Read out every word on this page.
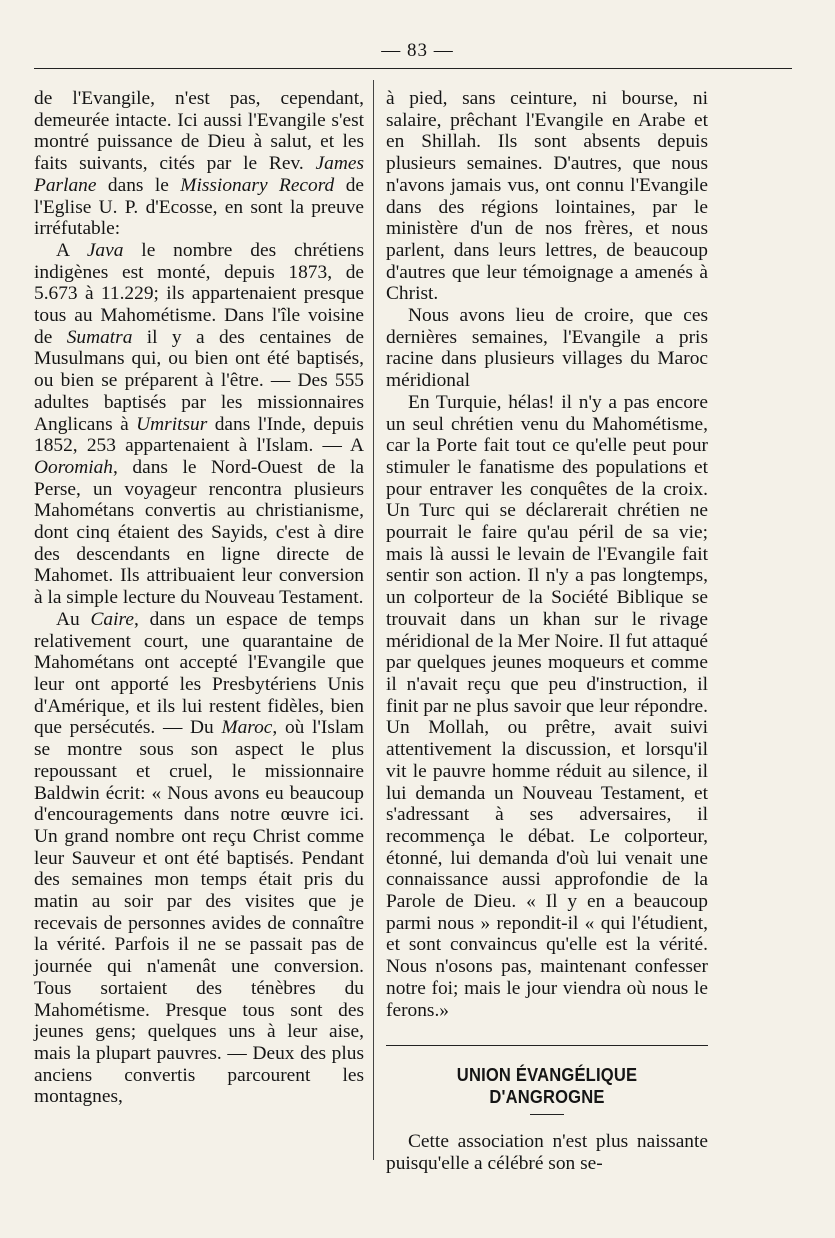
— 83 —

de l'Evangile, n'est pas, cependant, demeurée intacte. Ici aussi l'Evangile s'est montré puissance de Dieu à salut, et les faits suivants, cités par le Rev. James Parlane dans le Missionary Record de l'Eglise U. P. d'Ecosse, en sont la preuve irréfutable:

A Java le nombre des chrétiens indigènes est monté, depuis 1873, de 5.673 à 11.229; ils appartenaient presque tous au Mahométisme. Dans l'île voisine de Sumatra il y a des centaines de Musulmans qui, ou bien ont été baptisés, ou bien se préparent à l'être. — Des 555 adultes baptisés par les missionnaires Anglicans à Umritsur dans l'Inde, depuis 1852, 253 appartenaient à l'Islam. — A Ooromiah, dans le Nord-Ouest de la Perse, un voyageur rencontra plusieurs Mahométans convertis au christianisme, dont cinq étaient des Sayids, c'est à dire des descendants en ligne directe de Mahomet. Ils attribuaient leur conversion à la simple lecture du Nouveau Testament.

Au Caire, dans un espace de temps relativement court, une quarantaine de Mahométans ont accepté l'Evangile que leur ont apporté les Presbytériens Unis d'Amérique, et ils lui restent fidèles, bien que persécutés. — Du Maroc, où l'Islam se montre sous son aspect le plus repoussant et cruel, le missionnaire Baldwin écrit: « Nous avons eu beaucoup d'encouragements dans notre œuvre ici. Un grand nombre ont reçu Christ comme leur Sauveur et ont été baptisés. Pendant des semaines mon temps était pris du matin au soir par des visites que je recevais de personnes avides de connaître la vérité. Parfois il ne se passait pas de journée qui n'amenât une conversion. Tous sortaient des ténèbres du Mahométisme. Presque tous sont des jeunes gens; quelques uns à leur aise, mais la plupart pauvres. — Deux des plus anciens convertis parcourent les montagnes,

à pied, sans ceinture, ni bourse, ni salaire, prêchant l'Evangile en Arabe et en Shillah. Ils sont absents depuis plusieurs semaines. D'autres, que nous n'avons jamais vus, ont connu l'Evangile dans des régions lointaines, par le ministère d'un de nos frères, et nous parlent, dans leurs lettres, de beaucoup d'autres que leur témoignage a amenés à Christ.

Nous avons lieu de croire, que ces dernières semaines, l'Evangile a pris racine dans plusieurs villages du Maroc méridional

En Turquie, hélas! il n'y a pas encore un seul chrétien venu du Mahométisme, car la Porte fait tout ce qu'elle peut pour stimuler le fanatisme des populations et pour entraver les conquêtes de la croix. Un Turc qui se déclarerait chrétien ne pourrait le faire qu'au péril de sa vie; mais là aussi le levain de l'Evangile fait sentir son action. Il n'y a pas longtemps, un colporteur de la Société Biblique se trouvait dans un khan sur le rivage méridional de la Mer Noire. Il fut attaqué par quelques jeunes moqueurs et comme il n'avait reçu que peu d'instruction, il finit par ne plus savoir que leur répondre. Un Mollah, ou prêtre, avait suivi attentivement la discussion, et lorsqu'il vit le pauvre homme réduit au silence, il lui demanda un Nouveau Testament, et s'adressant à ses adversaires, il recommença le débat. Le colporteur, étonné, lui demanda d'où lui venait une connaissance aussi approfondie de la Parole de Dieu. « Il y en a beaucoup parmi nous » repondit-il « qui l'étudient, et sont convaincus qu'elle est la vérité. Nous n'osons pas, maintenant confesser notre foi; mais le jour viendra où nous le ferons.»

UNION ÉVANGÉLIQUE D'ANGROGNE

Cette association n'est plus naissante puisqu'elle a célébré son se-
